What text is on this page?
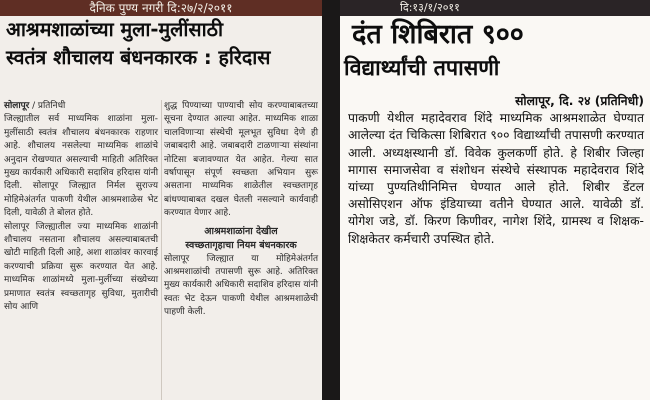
दैनिक पुण्य नगरी दि:२७/२/२०११

आश्रमशाळांच्या मुला-मुलींसाठी

स्वतंत्र शौचालय बंधनकारक : हरिदास

सोलापूर / प्रतिनिधी

जिल्ह्यातील सर्व माध्यमिक शाळांना मुला-मुलींसाठी स्वतंत्र शौचालय बंधनकारक राहणार आहे. शौचालय नसलेल्या माध्यमिक शाळांचे अनुदान रोखण्यात असल्याची माहिती अतिरिक्त मुख्य कार्यकारी अधिकारी सदाशिव हरिदास यांनी दिली. सोलापूर जिल्ह्यात निर्मल सुराज्य मोहिमेअंतर्गत पाकणी येथील आश्रमशाळेस भेट दिली, यावेळी ते बोलत होते.

सोलापूर जिल्ह्यातील ज्या माध्यमिक शाळांनी शौचालय नसताना शौचालय असल्याबाबतची खोटी माहिती दिली आहे, अशा शाळांवर कारवाई करण्याची प्रक्रिया सुरू करण्यात येत आहे. माध्यमिक शाळांमध्ये मुला-मुलींच्या संख्येच्या प्रमाणात स्वतंत्र स्वच्छतागृह सुविधा, मुतारीची सोय आणि

शुद्ध पिण्याच्या पाण्याची सोय करण्याबाबतच्या सूचना देण्यात आल्या आहेत. माध्यमिक शाळा चालविणाऱ्या संस्थेची मूलभूत सुविधा देणे ही जबाबदारी आहे. जबाबदारी टाळणाऱ्या संस्थांना नोटिसा बजावण्यात येत आहेत. गेल्या सात वर्षापासून संपूर्ण स्वच्छता अभियान सुरू असताना माध्यमिक शाळेतील स्वच्छतागृह बांधण्याबाबत दखल घेतली नसल्याने कार्यवाही करण्यात येणार आहे.

आश्रमशाळांना देखील
स्वच्छतागृहाचा नियम बंधनकारक

सोलापूर जिल्ह्यात या मोहिमेअंतर्गत आश्रमशाळांची तपासणी सुरू आहे. अतिरिक्त मुख्य कार्यकारी अधिकारी सदाशिव हरिदास यांनी स्वतः भेट देऊन पाकणी येथील आश्रमशाळेची पाहणी केली.

दि:१३/१/२०११

दंत शिबिरात ९००

विद्यार्थ्यांची तपासणी

सोलापूर, दि. २४ (प्रतिनिधी)

पाकणी येथील महादेवराव शिंदे माध्यमिक आश्रमशाळेत घेण्यात आलेल्या दंत चिकित्सा शिबिरात ९०० विद्यार्थ्यांची तपासणी करण्यात आली. अध्यक्षस्थानी डॉ. विवेक कुलकर्णी होते. हे शिबीर जिल्हा मागास समाजसेवा व संशोधन संस्थेचे संस्थापक महादेवराव शिंदे यांच्या पुण्यतिथीनिमित्त घेण्यात आले होते. शिबीर डेंटल असोसिएशन ऑफ इंडियाच्या वतीने घेण्यात आले. यावेळी डॉ. योगेश जडे, डॉ. किरण किणीवर, नागेश शिंदे, ग्रामस्थ व शिक्षक-शिक्षकेतर कर्मचारी उपस्थित होते.
